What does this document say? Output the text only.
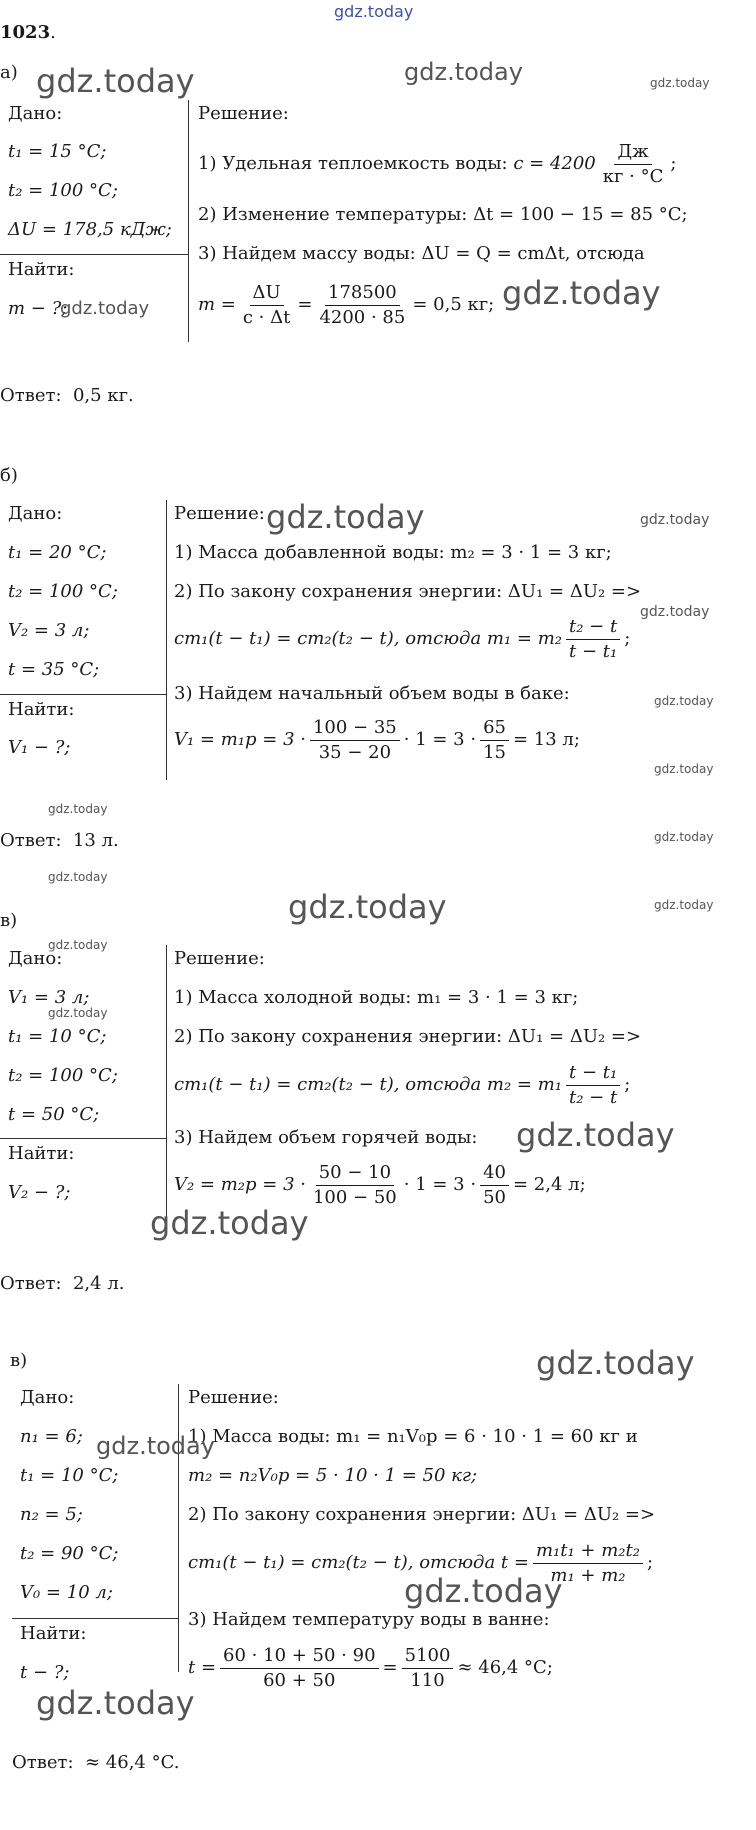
gdz.today
1023.
а)
Дано:
t₁ = 15 °C;
t₂ = 100 °C;
ΔU = 178,5 кДж;
Найти:
m − ?;
Решение:
1) Удельная теплоемкость воды:
$c = 4200 \frac{Дж}{кг \cdot ^\circ C}$ ;
2) Изменение температуры: Δt = 100 − 15 = 85 °C;
3) Найдем массу воды: ΔU = Q = cmΔt, отсюда
$m = \frac{\Delta U}{c \cdot \Delta t} = \frac{178500}{4200 \cdot 85} = 0,5$ кг;
Ответ: 0,5 кг.
б)
Дано:
t₁ = 20 °C;
t₂ = 100 °C;
V₂ = 3 л;
t = 35 °C;
Найти:
V₁ − ?;
Решение:
1) Масса добавленной воды: m₂ = 3 · 1 = 3 кг;
2) По закону сохранения энергии: ΔU₁ = ΔU₂ =>
cm₁(t − t₁) = cm₂(t₂ − t), отсюда $m_1 = m_2 \frac{\text{t₂ − t}}{\text{t − t₁}}$ ;
3) Найдем начальный объем воды в баке:
$V_1 = m_1p = 3 \cdot \frac{100 - 35}{35 - 20} \cdot 1 = 3 \cdot \frac{65}{15} = 13$ л;
Ответ: 13 л.
в)
Дано:
V₁ = 3 л;
t₁ = 10 °C;
t₂ = 100 °C;
t = 50 °C;
Найти:
V₂ − ?;
Решение:
1) Масса холодной воды: m₁ = 3 · 1 = 3 кг;
2) По закону сохранения энергии: ΔU₁ = ΔU₂ =>
cm₁(t − t₁) = cm₂(t₂ − t), отсюда $m_2 = m_1 \frac{\text{t − t₁}}{\text{t₂ − t}}$ ;
3) Найдем объем горячей воды:
$V_2 = m_2p = 3 \cdot \frac{50 - 10}{100 - 50} \cdot 1 = 3 \cdot \frac{40}{50} = 2,4$ л;
Ответ: 2,4 л.
в)
Дано:
n₁ = 6;
t₁ = 10 °C;
n₂ = 5;
t₂ = 90 °C;
V₀ = 10 л;
Найти:
t − ?;
Решение:
1) Масса воды: m₁ = n₁V₀p = 6 · 10 · 1 = 60 кг и
m₂ = n₂V₀p = 5 · 10 · 1 = 50 кг;
2) По закону сохранения энергии: ΔU₁ = ΔU₂ =>
cm₁(t − t₁) = cm₂(t₂ − t), отсюда $t = \frac{\text{m₁t₁ + m₂t₂}}{\text{m₁ + m₂}}$ ;
3) Найдем температуру воды в ванне:
$t = \frac{60 \cdot 10 + 50 \cdot 90}{60 + 50} = \frac{5100}{110} \approx 46,4$ °C;
Ответ: ≈ 46,4 °C.
gdz.today	gdz.today	gdz.today
gdz.today	gdz.today
gdz.today	gdz.today
gdz.today
gdz.today
gdz.today
gdz.today
gdz.today
gdz.today
gdz.today	gdz.today
gdz.today
gdz.today
gdz.today
gdz.today
gdz.today
gdz.today
gdz.today
gdz.today
